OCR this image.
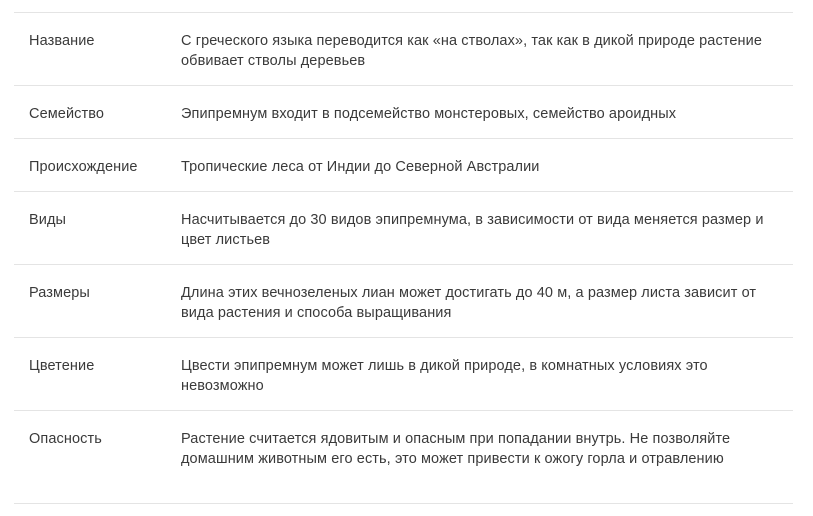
Название	С греческого языка переводится как «на стволах», так как в дикой природе растение обвивает стволы деревьев
Семейство	Эпипремнум входит в подсемейство монстеровых, семейство ароидных
Происхождение	Тропические леса от Индии до Северной Австралии
Виды	Насчитывается до 30 видов эпипремнума, в зависимости от вида меняется размер и цвет листьев
Размеры	Длина этих вечнозеленых лиан может достигать до 40 м, а размер листа зависит от вида растения и способа выращивания
Цветение	Цвести эпипремнум может лишь в дикой природе, в комнатных условиях это невозможно
Опасность	Растение считается ядовитым и опасным при попадании внутрь. Не позволяйте домашним животным его есть, это может привести к ожогу горла и отравлению
